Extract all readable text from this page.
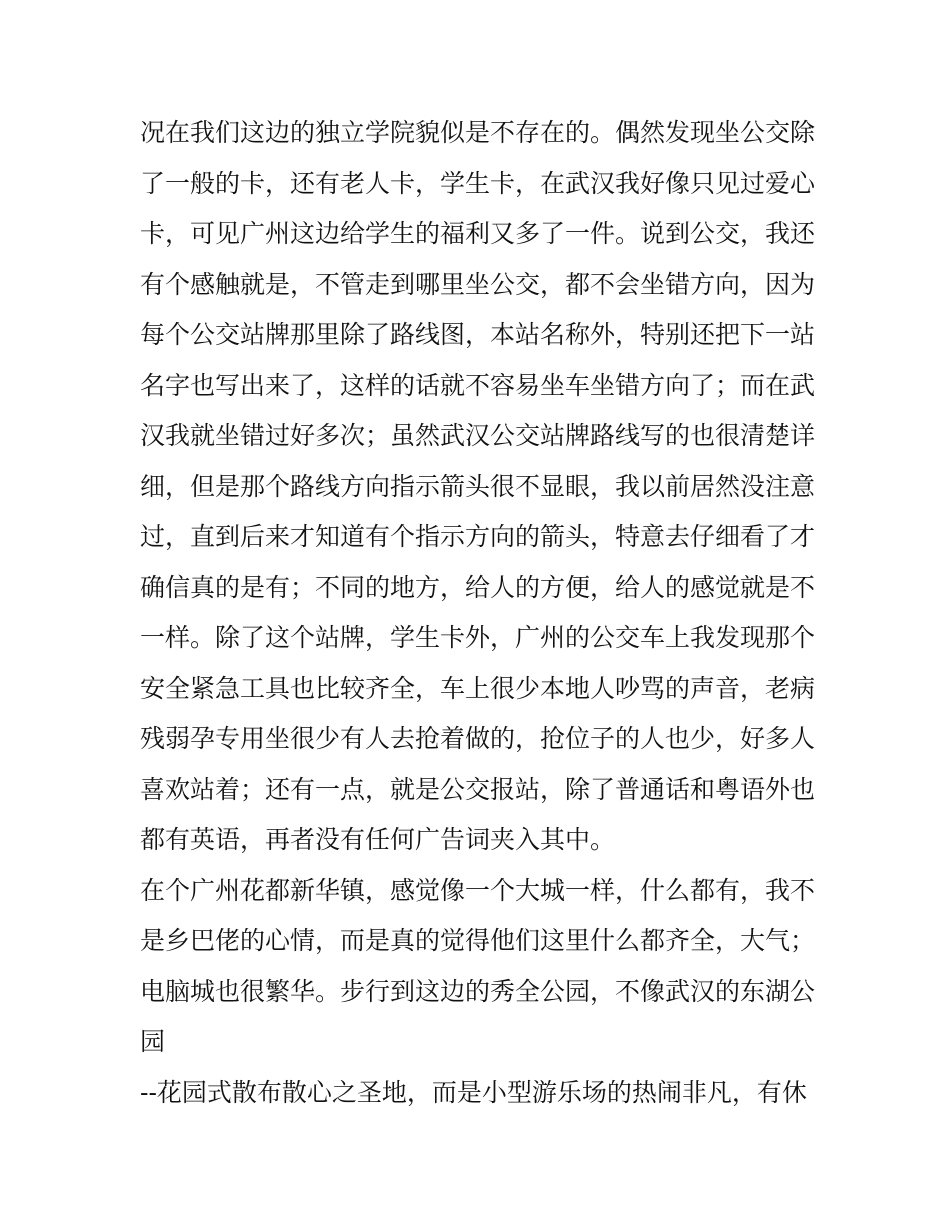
况在我们这边的独立学院貌似是不存在的。偶然发现坐公交除
了一般的卡，还有老人卡，学生卡，在武汉我好像只见过爱心
卡，可见广州这边给学生的福利又多了一件。说到公交，我还
有个感触就是，不管走到哪里坐公交，都不会坐错方向，因为
每个公交站牌那里除了路线图，本站名称外，特别还把下一站
名字也写出来了，这样的话就不容易坐车坐错方向了；而在武
汉我就坐错过好多次；虽然武汉公交站牌路线写的也很清楚详
细，但是那个路线方向指示箭头很不显眼，我以前居然没注意
过，直到后来才知道有个指示方向的箭头，特意去仔细看了才
确信真的是有；不同的地方，给人的方便，给人的感觉就是不
一样。除了这个站牌，学生卡外，广州的公交车上我发现那个
安全紧急工具也比较齐全，车上很少本地人吵骂的声音，老病
残弱孕专用坐很少有人去抢着做的，抢位子的人也少，好多人
喜欢站着；还有一点，就是公交报站，除了普通话和粤语外也
都有英语，再者没有任何广告词夹入其中。
在个广州花都新华镇，感觉像一个大城一样，什么都有，我不
是乡巴佬的心情，而是真的觉得他们这里什么都齐全，大气；
电脑城也很繁华。步行到这边的秀全公园，不像武汉的东湖公
园
--花园式散布散心之圣地，而是小型游乐场的热闹非凡，有休
